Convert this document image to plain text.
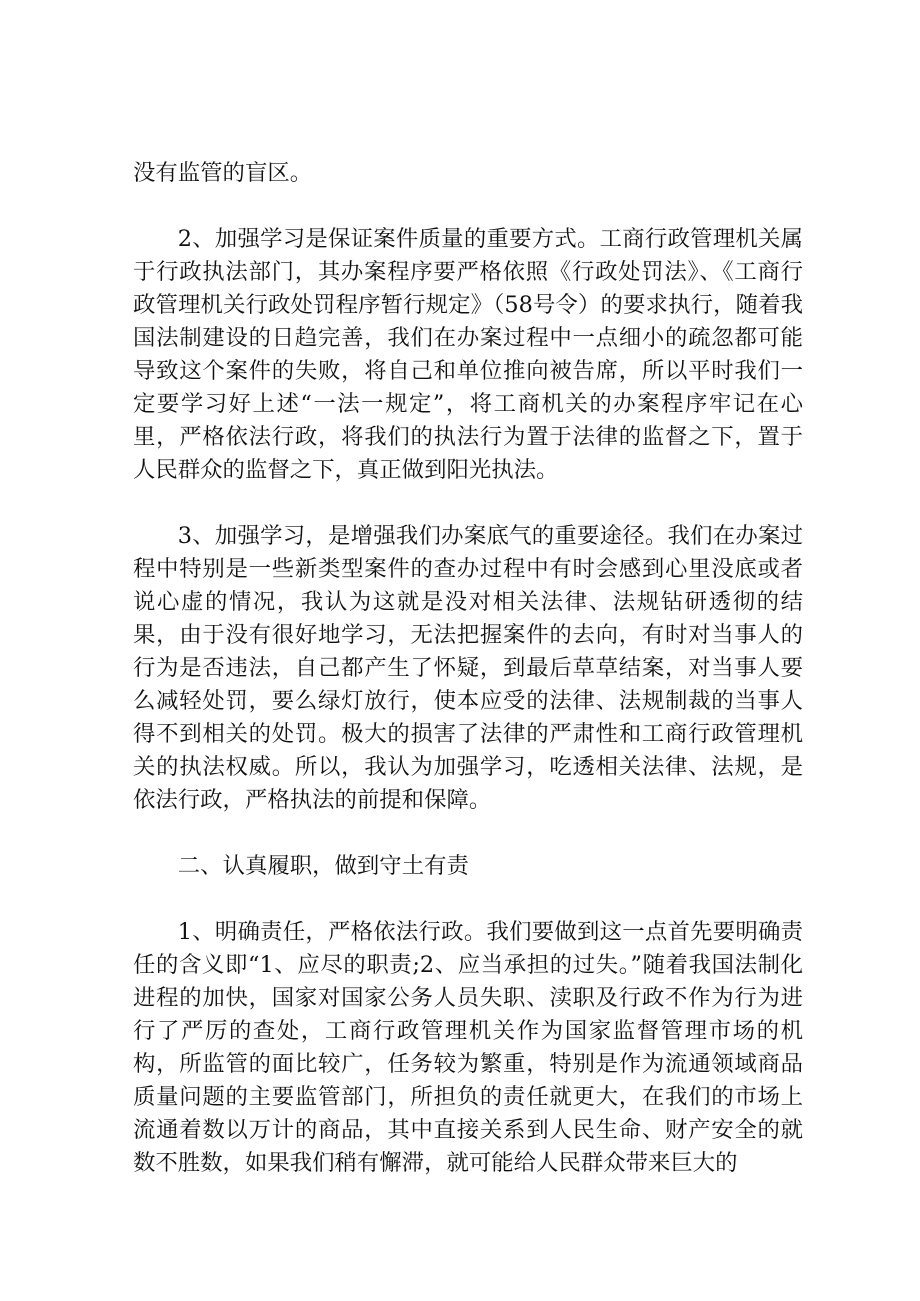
没有监管的盲区。

2、加强学习是保证案件质量的重要方式。工商行政管理机关属于行政执法部门，其办案程序要严格依照《行政处罚法》、《工商行政管理机关行政处罚程序暂行规定》（58号令）的要求执行，随着我国法制建设的日趋完善，我们在办案过程中一点细小的疏忽都可能导致这个案件的失败，将自己和单位推向被告席，所以平时我们一定要学习好上述“一法一规定”，将工商机关的办案程序牢记在心里，严格依法行政，将我们的执法行为置于法律的监督之下，置于人民群众的监督之下，真正做到阳光执法。

3、加强学习，是增强我们办案底气的重要途径。我们在办案过程中特别是一些新类型案件的查办过程中有时会感到心里没底或者说心虚的情况，我认为这就是没对相关法律、法规钻研透彻的结果，由于没有很好地学习，无法把握案件的去向，有时对当事人的行为是否违法，自己都产生了怀疑，到最后草草结案，对当事人要么减轻处罚，要么绿灯放行，使本应受的法律、法规制裁的当事人得不到相关的处罚。极大的损害了法律的严肃性和工商行政管理机关的执法权威。所以，我认为加强学习，吃透相关法律、法规，是依法行政，严格执法的前提和保障。

二、认真履职，做到守土有责

1、明确责任，严格依法行政。我们要做到这一点首先要明确责任的含义即“1、应尽的职责;2、应当承担的过失。”随着我国法制化进程的加快，国家对国家公务人员失职、渎职及行政不作为行为进行了严厉的查处，工商行政管理机关作为国家监督管理市场的机构，所监管的面比较广，任务较为繁重，特别是作为流通领域商品质量问题的主要监管部门，所担负的责任就更大，在我们的市场上流通着数以万计的商品，其中直接关系到人民生命、财产安全的就数不胜数，如果我们稍有懈滞，就可能给人民群众带来巨大的
